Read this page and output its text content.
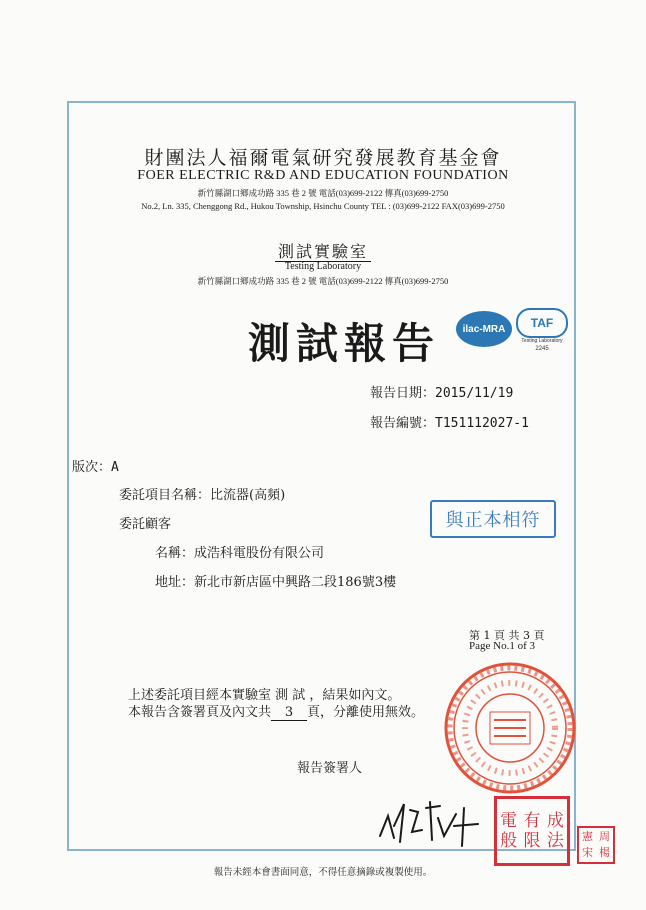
財團法人福爾電氣研究發展教育基金會
FOER ELECTRIC R&D AND EDUCATION FOUNDATION
新竹縣湖口鄉成功路 335 巷 2 號 電話(03)699-2122 傳真(03)699-2750
No.2, Ln. 335, Chenggong Rd., Hukou Township, Hsinchu County TEL : (03)699-2122 FAX(03)699-2750
測試實驗室
Testing Laboratory
新竹縣湖口鄉成功路 335 巷 2 號 電話(03)699-2122 傳真(03)699-2750
測試報告	ilac-MRA	TAF
Testing Laboratory
2245
報告日期：2015/11/19
報告編號：T151112027-1
版次：A
委託項目名稱：比流器(高頻)
委託顧客
名稱：成浩科電股份有限公司
地址：新北市新店區中興路二段186號3樓
與正本相符
第 1 頁 共 3 頁
Page No.1 of 3
上述委託項目經本實驗室 測 試 ，結果如內文。
本報告含簽署頁及內文共 3 頁，分離使用無效。
報告簽署人
電 有 成
般 限 法 憲 周
宋 楊
報告未經本會書面同意，不得任意摘錄或複製使用。
